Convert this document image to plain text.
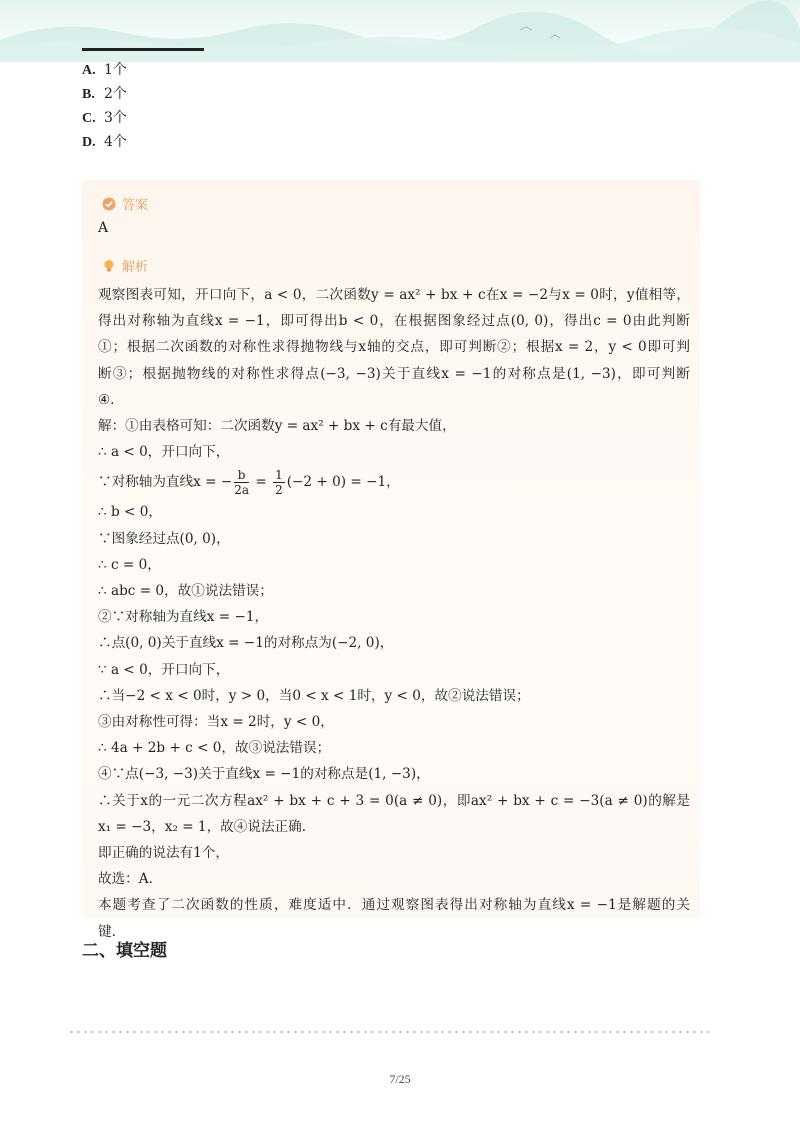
A. 1个
B. 2个
C. 3个
D. 4个
答案
A
解析
观察图表可知，开口向下，a < 0，二次函数y = ax² + bx + c在x = −2与x = 0时，y值相等，
得出对称轴为直线x = −1，即可得出b < 0，在根据图象经过点(0, 0)，得出c = 0由此判断
①；根据二次函数的对称性求得抛物线与x轴的交点，即可判断②；根据x = 2，y < 0即可判
断③；根据抛物线的对称性求得点(−3, −3)关于直线x = −1的对称点是(1, −3)，即可判断
④.
解：①由表格可知：二次函数y = ax² + bx + c有最大值，
∴ a < 0，开口向下，
∵对称轴为直线x = − $\frac{b}{2a} = \frac{1}{2} (-2 + 0) = -1$，
∴ b < 0，
∵图象经过点(0, 0)，
∴ c = 0，
∴ abc = 0，故①说法错误；
②∵对称轴为直线x = −1，
∴点(0, 0)关于直线x = −1的对称点为(−2, 0)，
∵ a < 0，开口向下，
∴当−2 < x < 0时，y > 0，当0 < x < 1时，y < 0，故②说法错误；
③由对称性可得：当x = 2时，y < 0，
∴ 4a + 2b + c < 0，故③说法错误；
④∵点(−3, −3)关于直线x = −1的对称点是(1, −3)，
∴关于x的一元二次方程ax² + bx + c + 3 = 0(a ≠ 0)，即ax² + bx + c = −3(a ≠ 0)的解是
x₁ = −3，x₂ = 1，故④说法正确.
即正确的说法有1个，
故选：A.
本题考查了二次函数的性质，难度适中．通过观察图表得出对称轴为直线x = −1是解题的关
键.
二、填空题
7/25
